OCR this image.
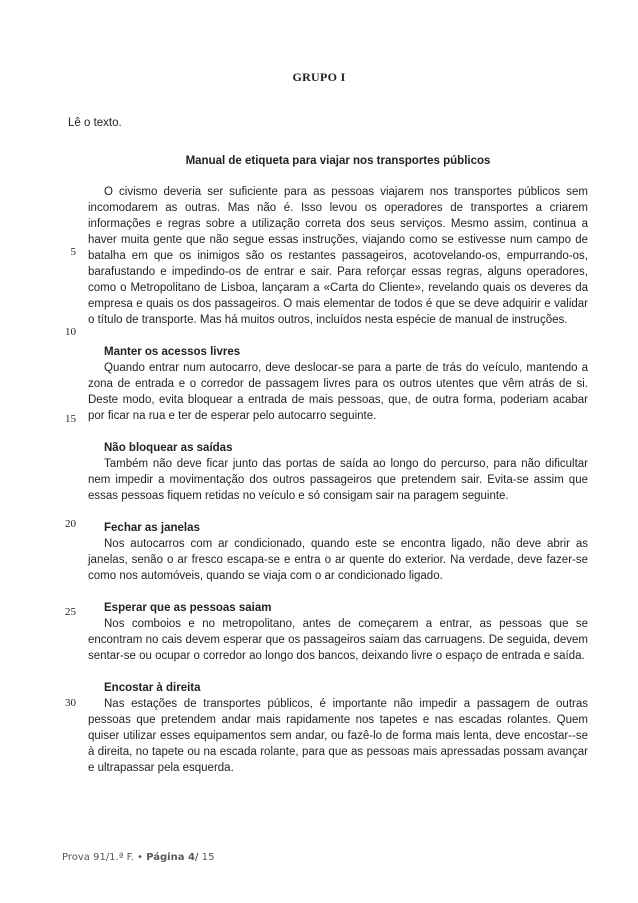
GRUPO I
Lê o texto.
Manual de etiqueta para viajar nos transportes públicos

O civismo deveria ser suficiente para as pessoas viajarem nos transportes públicos sem incomodarem as outras. Mas não é. Isso levou os operadores de transportes a criarem informações e regras sobre a utilização correta dos seus serviços. Mesmo assim, continua a haver muita gente que não segue essas instruções, viajando como se estivesse num campo de batalha em que os inimigos são os restantes passageiros, acotovelando-os, empurrando-os, barafustando e impedindo-os de entrar e sair. Para reforçar essas regras, alguns operadores, como o Metropolitano de Lisboa, lançaram a «Carta do Cliente», revelando quais os deveres da empresa e quais os dos passageiros. O mais elementar de todos é que se deve adquirir e validar o título de transporte. Mas há muitos outros, incluídos nesta espécie de manual de instruções.

Manter os acessos livres

Quando entrar num autocarro, deve deslocar-se para a parte de trás do veículo, mantendo a zona de entrada e o corredor de passagem livres para os outros utentes que vêm atrás de si. Deste modo, evita bloquear a entrada de mais pessoas, que, de outra forma, poderiam acabar por ficar na rua e ter de esperar pelo autocarro seguinte.

Não bloquear as saídas

Também não deve ficar junto das portas de saída ao longo do percurso, para não dificultar nem impedir a movimentação dos outros passageiros que pretendem sair. Evita-se assim que essas pessoas fiquem retidas no veículo e só consigam sair na paragem seguinte.

Fechar as janelas

Nos autocarros com ar condicionado, quando este se encontra ligado, não deve abrir as janelas, senão o ar fresco escapa-se e entra o ar quente do exterior. Na verdade, deve fazer-se como nos automóveis, quando se viaja com o ar condicionado ligado.

Esperar que as pessoas saiam

Nos comboios e no metropolitano, antes de começarem a entrar, as pessoas que se encontram no cais devem esperar que os passageiros saiam das carruagens. De seguida, devem sentar-se ou ocupar o corredor ao longo dos bancos, deixando livre o espaço de entrada e saída.

Encostar à direita

Nas estações de transportes públicos, é importante não impedir a passagem de outras pessoas que pretendem andar mais rapidamente nos tapetes e nas escadas rolantes. Quem quiser utilizar esses equipamentos sem andar, ou fazê-lo de forma mais lenta, deve encostar--se à direita, no tapete ou na escada rolante, para que as pessoas mais apressadas possam avançar e ultrapassar pela esquerda.

5
10
15
20
25
30
Prova 91/1.ª F. • Página 4/ 15
